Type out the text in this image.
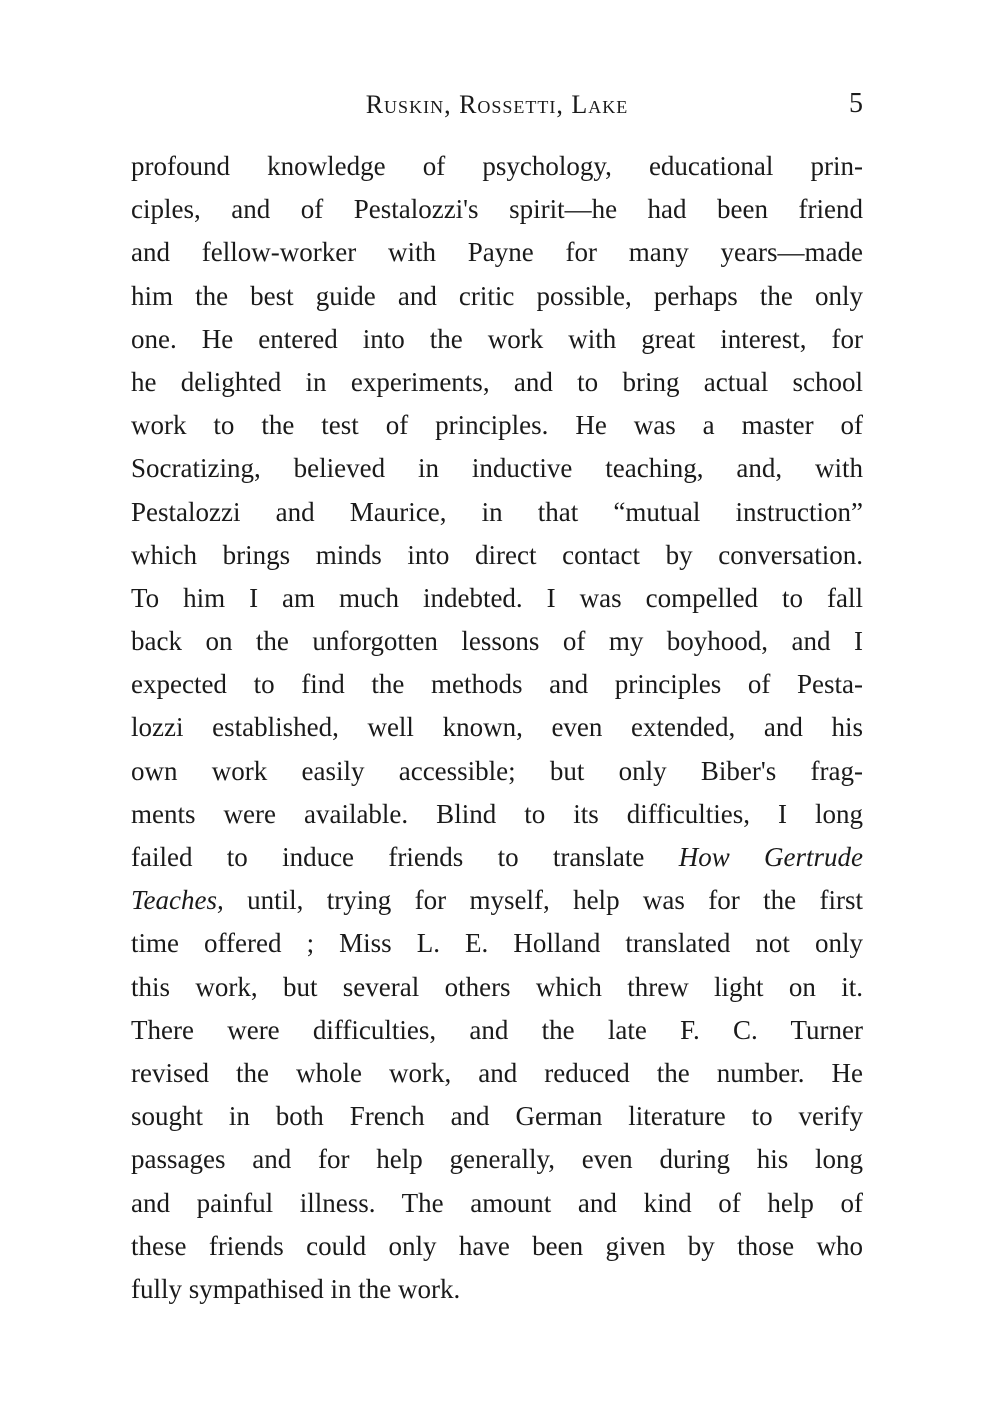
Ruskin, Rossetti, Lake	5
profound knowledge of psychology, educational prin-
ciples, and of Pestalozzi's spirit—he had been friend
and fellow-worker with Payne for many years—made
him the best guide and critic possible, perhaps the only
one. He entered into the work with great interest, for
he delighted in experiments, and to bring actual school
work to the test of principles. He was a master of
Socratizing, believed in inductive teaching, and, with
Pestalozzi and Maurice, in that “mutual instruction”
which brings minds into direct contact by conversation.
To him I am much indebted. I was compelled to fall
back on the unforgotten lessons of my boyhood, and I
expected to find the methods and principles of Pesta-
lozzi established, well known, even extended, and his
own work easily accessible; but only Biber's frag-
ments were available. Blind to its difficulties, I long
failed to induce friends to translate How Gertrude
Teaches, until, trying for myself, help was for the first
time offered ; Miss L. E. Holland translated not only
this work, but several others which threw light on it.
There were difficulties, and the late F. C. Turner
revised the whole work, and reduced the number. He
sought in both French and German literature to verify
passages and for help generally, even during his long
and painful illness. The amount and kind of help of
these friends could only have been given by those who
fully sympathised in the work.
